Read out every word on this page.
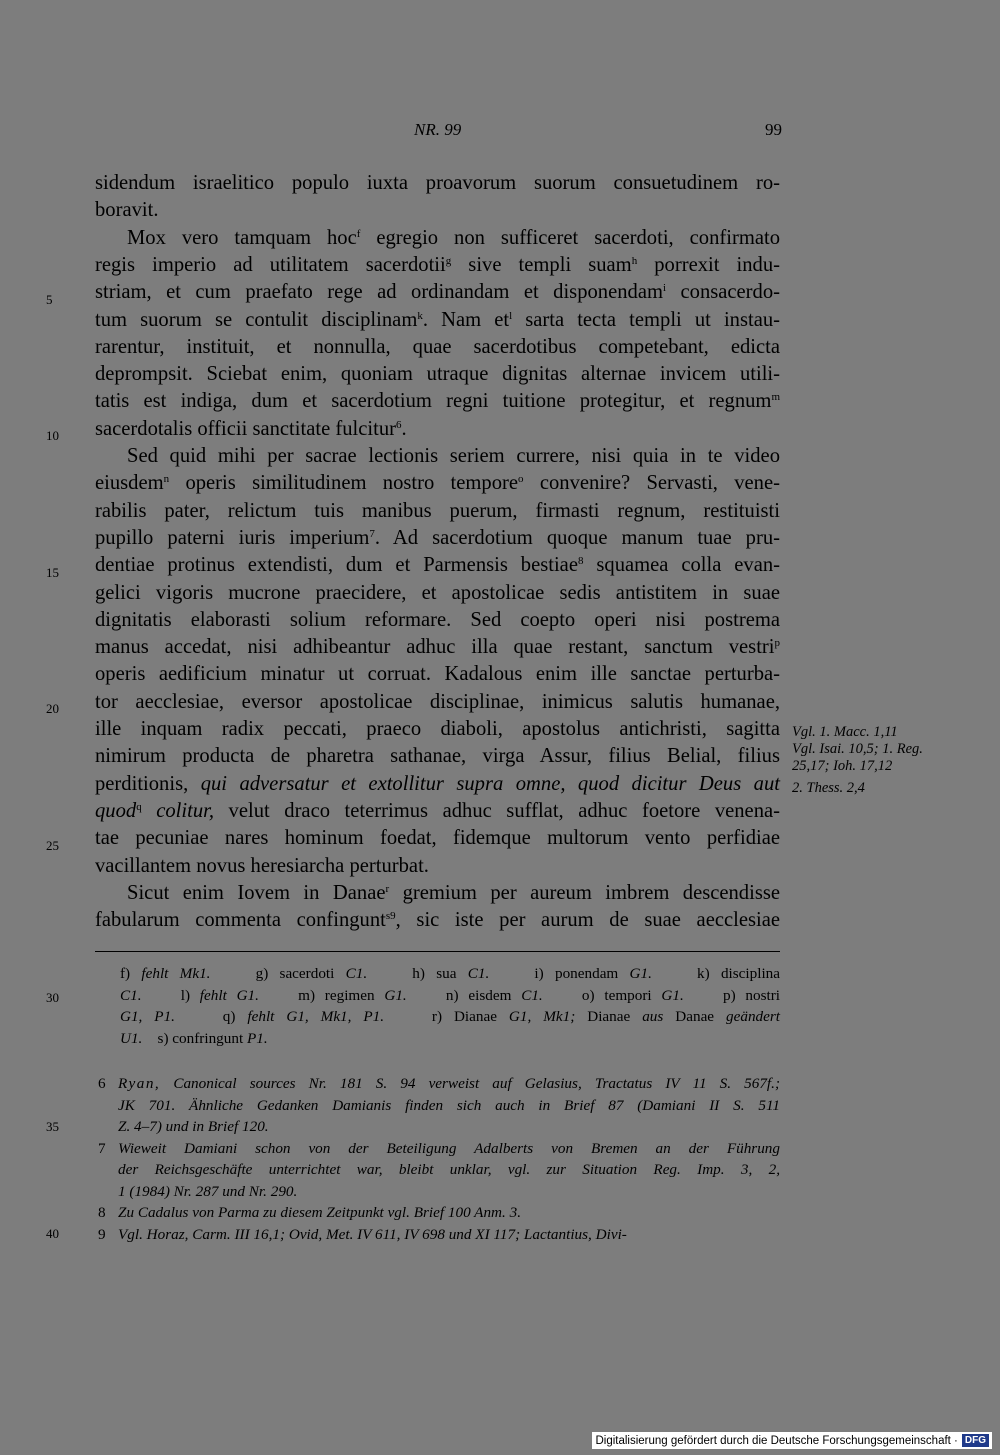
NR. 99	99
sidendum israelitico populo iuxta proavorum suorum consuetudinem ro-
boravit.
Mox vero tamquam hoc$^f$ egregio non sufficeret sacerdoti, confirmato
regis imperio ad utilitatem sacerdotii$^g$ sive templi suam$^h$ porrexit indu-
striam, et cum praefato rege ad ordinandam et disponendam$^i$ consacerdo-
tum suorum se contulit disciplinam$^k$. Nam $et^l$ sarta tecta templi ut instau-
rarentur, instituit, et nonnulla, quae sacerdotibus competebant, edicta
deprompsit. Sciebat enim, quoniam utraque dignitas alternae invicem utili-
tatis est indiga, dum et sacerdotium regni tuitione protegitur, et regnum$^m$
sacerdotalis officii sanctitate fulcitur$^6$.
Sed quid mihi per sacrae lectionis seriem currere, nisi quia in te video
eiusdem$^n$ operis similitudinem nostro tempore$^o$ convenire? Servasti, vene-
rabilis pater, relictum tuis manibus puerum, firmasti regnum, restituisti
pupillo paterni iuris imperium$^7$. Ad sacerdotium quoque manum tuae pru-
dentiae protinus extendisti, dum et Parmensis bestiae$^8$ squamea colla evan-
gelici vigoris mucrone praecidere, et apostolicae sedis antistitem in suae
dignitatis elaborasti solium reformare. Sed coepto operi nisi postrema
manus accedat, nisi adhibeantur adhuc illa quae restant, sanctum vestri$^p$
operis aedificium minatur ut corruat. Kadalous enim ille sanctae perturba-
tor aecclesiae, eversor apostolicae disciplinae, inimicus salutis humanae,
ille inquam radix peccati, praeco diaboli, apostolus antichristi, sagitta
nimirum producta de pharetra sathanae, virga Assur, filius Belial, filius
perditionis, qui adversatur et extollitur supra omne, quod dicitur Deus aut
quod$^q$ colitur, velut draco teterrimus adhuc sufflat, adhuc foetore venena-
tae pecuniae nares hominum foedat, fidemque multorum vento perfidiae
vacillantem novus heresiarcha perturbat.
Sicut enim Iovem in Danae$^r$ gremium per aureum imbrem descendisse
fabularum commenta confingunt$^{s9}$, sic iste per aurum de suae aecclesiae
5
10
15
20
25
30
35
40
Vgl. 1. Macc. 1,11
Vgl. Isai. 10,5; 1. Reg.
25,17; Ioh. 17,12
2. Thess. 2,4
f) fehlt Mk1.    g) sacerdoti C1.    h) sua C1.    i) ponendam G1.    k) disciplina
C1.    l) fehlt G1.    m) regimen G1.    n) eisdem C1.    o) tempori G1.    p) nostri
G1, P1.    q) fehlt G1, Mk1, P1.    r) Dianae G1, Mk1; Dianae aus Danae geändert
U1.    s) confringunt P1.
6 Ryan, Canonical sources Nr. 181 S. 94 verweist auf Gelasius, Tractatus IV 11 S. 567f.;
JK 701. Ähnliche Gedanken Damianis finden sich auch in Brief 87 (Damiani II S. 511
Z. 4–7) und in Brief 120.
7 Wieweit Damiani schon von der Beteiligung Adalberts von Bremen an der Führung
der Reichsgeschäfte unterrichtet war, bleibt unklar, vgl. zur Situation Reg. Imp. 3, 2,
1 (1984) Nr. 287 und Nr. 290.
8 Zu Cadalus von Parma zu diesem Zeitpunkt vgl. Brief 100 Anm. 3.
9 Vgl. Horaz, Carm. III 16,1; Ovid, Met. IV 611, IV 698 und XI 117; Lactantius, Divi-
Digitalisierung gefördert durch die Deutsche Forschungsgemeinschaft · DFG
